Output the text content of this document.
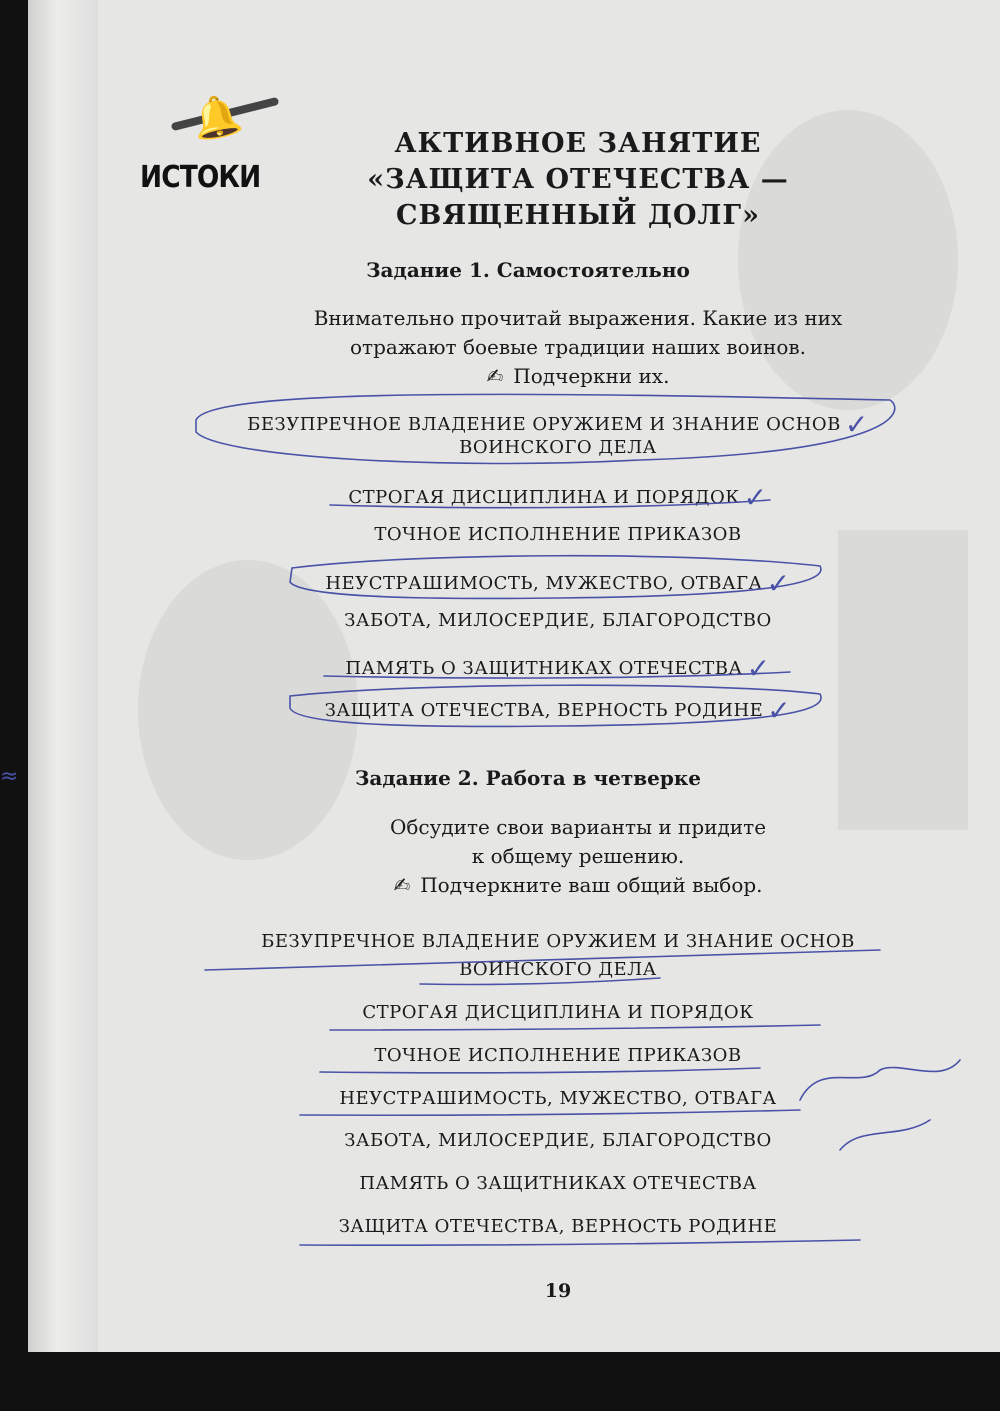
🔔
ИСТОКИ
АКТИВНОЕ ЗАНЯТИЕ
«ЗАЩИТА ОТЕЧЕСТВА —
СВЯЩЕННЫЙ ДОЛГ»
Задание 1. Самостоятельно
Внимательно прочитай выражения. Какие из них
отражают боевые традиции наших воинов.
✍ Подчеркни их.
БЕЗУПРЕЧНОЕ ВЛАДЕНИЕ ОРУЖИЕМ И ЗНАНИЕ ОСНОВ ✓
ВОИНСКОГО ДЕЛА
СТРОГАЯ ДИСЦИПЛИНА И ПОРЯДОК ✓
ТОЧНОЕ ИСПОЛНЕНИЕ ПРИКАЗОВ
НЕУСТРАШИМОСТЬ, МУЖЕСТВО, ОТВАГА ✓
ЗАБОТА, МИЛОСЕРДИЕ, БЛАГОРОДСТВО
ПАМЯТЬ О ЗАЩИТНИКАХ ОТЕЧЕСТВА ✓
ЗАЩИТА ОТЕЧЕСТВА, ВЕРНОСТЬ РОДИНЕ ✓
Задание 2. Работа в четверке
Обсудите свои варианты и придите
к общему решению.
✍ Подчеркните ваш общий выбор.
БЕЗУПРЕЧНОЕ ВЛАДЕНИЕ ОРУЖИЕМ И ЗНАНИЕ ОСНОВ
ВОИНСКОГО ДЕЛА
СТРОГАЯ ДИСЦИПЛИНА И ПОРЯДОК
ТОЧНОЕ ИСПОЛНЕНИЕ ПРИКАЗОВ
НЕУСТРАШИМОСТЬ, МУЖЕСТВО, ОТВАГА
ЗАБОТА, МИЛОСЕРДИЕ, БЛАГОРОДСТВО
ПАМЯТЬ О ЗАЩИТНИКАХ ОТЕЧЕСТВА
ЗАЩИТА ОТЕЧЕСТВА, ВЕРНОСТЬ РОДИНЕ
19
≈
